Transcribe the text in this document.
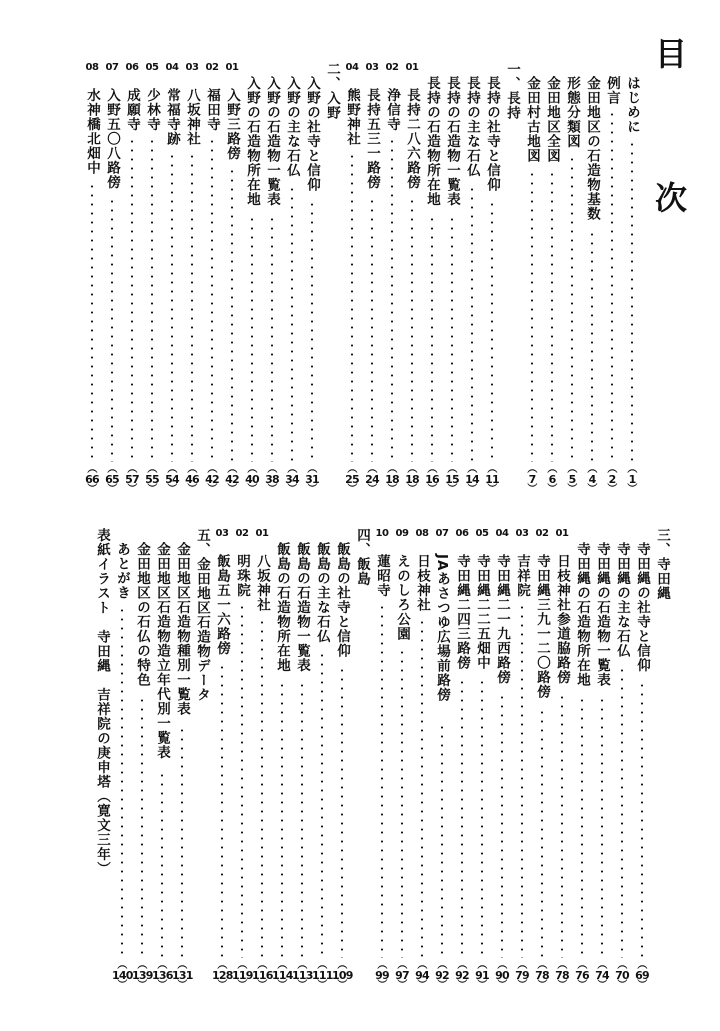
目
次
はじめに
︵
1
︶
例言
︵
2
︶
金田地区の石造物基数
︵
4
︶
形態分類図
︵
5
︶
金田地区全図
︵
6
︶
金田村古地図
︵
7
︶
一、長持
長持の社寺と信仰
︵
11
︶
長持の主な石仏
︵
14
︶
長持の石造物一覧表
︵
15
︶
長持の石造物所在地
︵
16
︶
01
長持二八六路傍
︵
18
︶
02
浄信寺
︵
18
︶
03
長持五三一路傍
︵
24
︶
04
熊野神社
︵
25
︶
二、入野
入野の社寺と信仰
︵
31
︶
入野の主な石仏
︵
34
︶
入野の石造物一覧表
︵
38
︶
入野の石造物所在地
︵
40
︶
01
入野三路傍
︵
42
︶
02
福田寺
︵
42
︶
03
八坂神社
︵
46
︶
04
常福寺跡
︵
54
︶
05
少林寺
︵
55
︶
06
成願寺
︵
57
︶
07
入野五〇八路傍
︵
65
︶
08
水神橋北畑中
︵
66
︶
三、寺田縄
寺田縄の社寺と信仰
︵
69
︶
寺田縄の主な石仏
︵
70
︶
寺田縄の石造物一覧表
︵
74
︶
寺田縄の石造物所在地
︵
76
︶
01
日枝神社参道脇路傍
︵
78
︶
02
寺田縄三九一二〇路傍
︵
78
︶
03
吉祥院
︵
79
︶
04
寺田縄二一九西路傍
︵
90
︶
05
寺田縄二二五畑中
︵
91
︶
06
寺田縄二四三路傍
︵
92
︶
07
JAあさつゆ広場前路傍
︵
92
︶
08
日枝神社
︵
94
︶
09
えのしろ公園
︵
97
︶
10
蓮昭寺
︵
99
︶
四、飯島
飯島の社寺と信仰
︵
109
︶
飯島の主な石仏
︵
111
︶
飯島の石造物一覧表
︵
113
︶
飯島の石造物所在地
︵
114
︶
01
八坂神社
︵
116
︶
02
明珠院
︵
119
︶
03
飯島五一六路傍
︵
128
︶
五、金田地区石造物データ
金田地区石造物種別一覧表
︵
131
︶
金田地区石造物造立年代別一覧表
︵
136
︶
金田地区の石仏の特色
︵
139
︶
あとがき
︵
140
︶
表紙イラスト　寺田縄　吉祥院の庚申塔（寛文三年）
